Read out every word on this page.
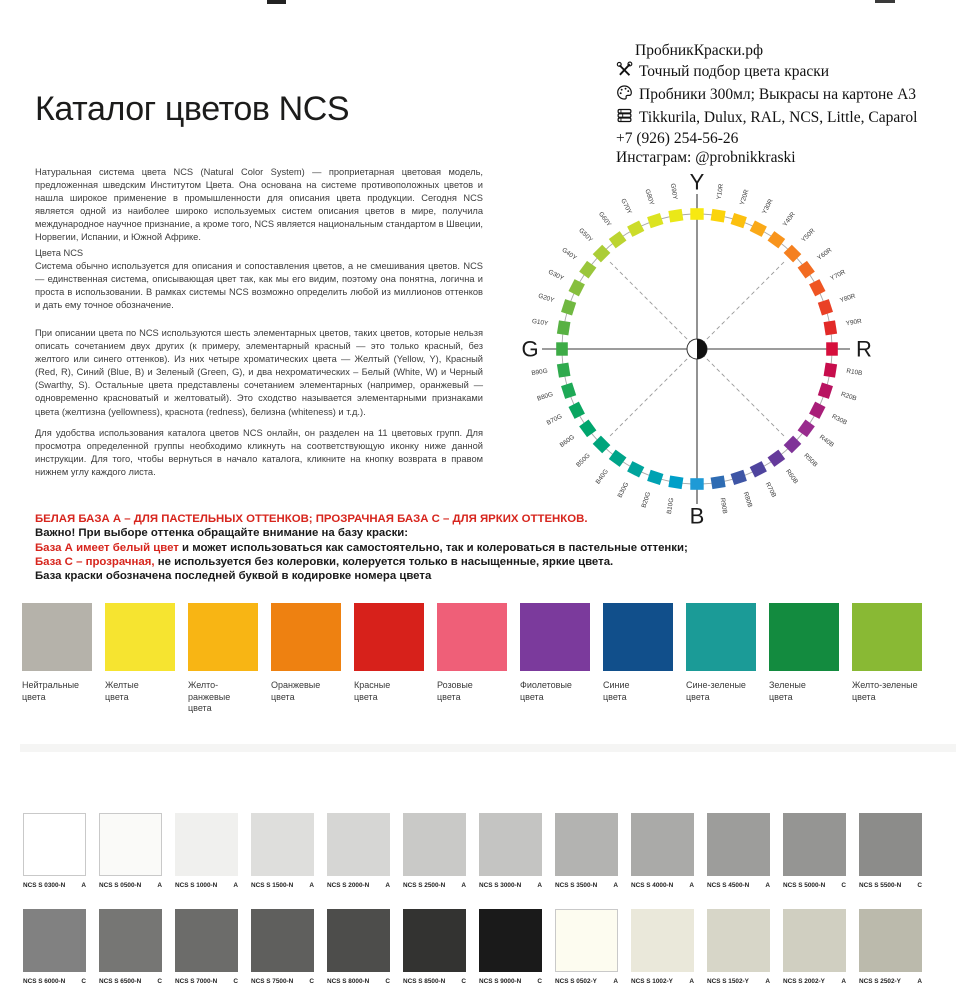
ПробникКраски.рф
Точный подбор цвета краски
Пробники 300мл; Выкрасы на картоне А3
Tikkurila, Dulux, RAL, NCS, Little, Caparol
+7 (926) 254-56-26
Инстаграм: @probnikkraski
Каталог цветов NCS
Натуральная система цвета NCS (Natural Color System) — проприетарная цветовая модель, предложенная шведским Институтом Цвета. Она основана на системе противоположных цветов и нашла широкое применение в промышленности для описания цвета продукции. Сегодня NCS является одной из наиболее широко используемых систем описания цветов в мире, получила международное научное признание, а кроме того, NCS является национальным стандартом в Швеции, Норвегии, Испании, и Южной Африке.
Цвета NCS
Система обычно используется для описания и сопоставления цветов, а не смешивания цветов. NCS — единственная система, описывающая цвет так, как мы его видим, поэтому она понятна, логична и проста в использовании. В рамках системы NCS возможно определить любой из миллионов оттенков и дать ему точное обозначение.
При описании цвета по NCS используются шесть элементарных цветов, таких цветов, которые нельзя описать сочетанием двух других (к примеру, элементарный красный — это только красный, без желтого или синего оттенков). Из них четыре хроматических цвета — Желтый (Yellow, Y), Красный (Red, R), Синий (Blue, B) и Зеленый (Green, G), и два нехроматических – Белый (White, W) и Черный (Swarthy, S). Остальные цвета представлены сочетанием элементарных (например, оранжевый — одновременно красноватый и желтоватый). Это сходство называется элементарными признаками цвета (желтизна (yellowness), краснота (redness), белизна (whiteness) и т.д.).
Для удобства использования каталога цветов NCS онлайн, он разделен на 11 цветовых групп. Для просмотра определенной группы необходимо кликнуть на соответствующую иконку ниже данной инструкции. Для того, чтобы вернуться в начало каталога, кликните на кнопку возврата в правом нижнем углу каждого листа.
Y10R Y20R
Y30R
Y40R
Y50R
Y60R
Y70R
Y80R
Y90R
R10B
R20B
R30B
R40B
R50B
R60B
R70B
R80B
R90B
B10G
B20G
B30G
B40G
B50G
B60G
B70G
B80G
B90G
G10Y
G20Y
G30Y
G40Y
G50Y
G60Y
G70Y
G80Y G90Y Y
R
B
G
БЕЛАЯ БАЗА А – ДЛЯ ПАСТЕЛЬНЫХ ОТТЕНКОВ; ПРОЗРАЧНАЯ БАЗА С – ДЛЯ ЯРКИХ ОТТЕНКОВ.
Важно! При выборе оттенка обращайте внимание на базу краски:
База А имеет белый цвет и может использоваться как самостоятельно, так и колероваться в пастельные оттенки;
База С – прозрачная, не используется без колеровки, колеруется только в насыщенные, яркие цвета.
База краски обозначена последней буквой в кодировке номера цвета
Нейтральные
цвета
Желтые
цвета
Желто-ранжевые
цвета
Оранжевые
цвета
Красные
цвета
Розовые
цвета
Фиолетовые
цвета
Синие
цвета
Сине-зеленые
цвета
Зеленые
цвета
Желто-зеленые
цвета
NCS S 0300-N	A NCS S 0500-N	A NCS S 1000-N	A NCS S 1500-N	A NCS S 2000-N	A NCS S 2500-N	A NCS S 3000-N	A NCS S 3500-N	A NCS S 4000-N	A NCS S 4500-N	A NCS S 5000-N	C NCS S 5500-N	C
NCS S 6000-N	C NCS S 6500-N	C NCS S 7000-N	C NCS S 7500-N	C NCS S 8000-N	C NCS S 8500-N	C NCS S 9000-N	C NCS S 0502-Y	A NCS S 1002-Y	A NCS S 1502-Y	A NCS S 2002-Y	A NCS S 2502-Y	A
